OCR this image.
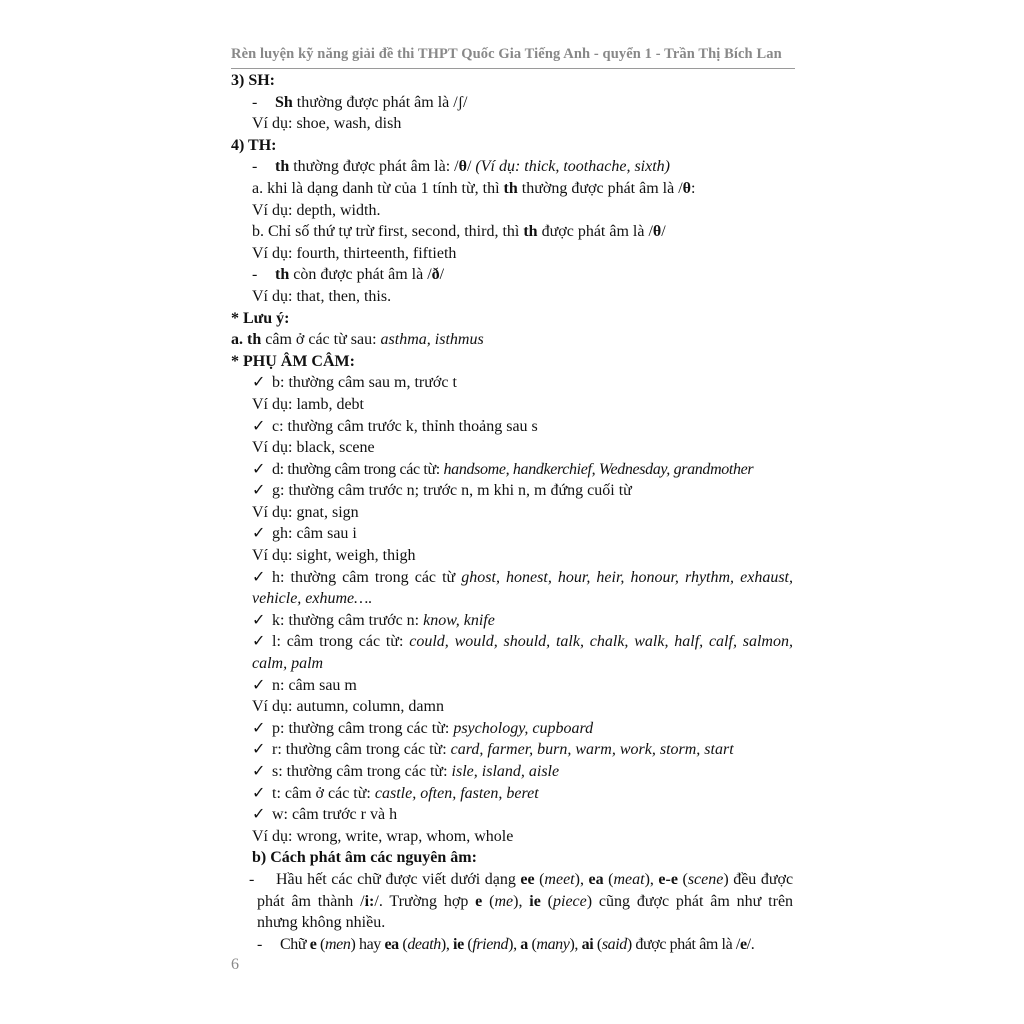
Rèn luyện kỹ năng giải đề thi THPT Quốc Gia Tiếng Anh - quyển 1 - Trần Thị Bích Lan
3) SH:
- Sh thường được phát âm là /ʃ/
Ví dụ: shoe, wash, dish
4) TH:
- th thường được phát âm là: /θ/ (Ví dụ: thick, toothache, sixth)
a. khi là dạng danh từ của 1 tính từ, thì th thường được phát âm là /θ:
Ví dụ: depth, width.
b. Chỉ số thứ tự trừ first, second, third, thì th được phát âm là /θ/
Ví dụ: fourth, thirteenth, fiftieth
- th còn được phát âm là /ð/
Ví dụ: that, then, this.
* Lưu ý:
a. th câm ở các từ sau: asthma, isthmus
* PHỤ ÂM CÂM:
✓ b: thường câm sau m, trước t
Ví dụ: lamb, debt
✓ c: thường câm trước k, thỉnh thoảng sau s
Ví dụ: black, scene
✓ d: thường câm trong các từ: handsome, handkerchief, Wednesday, grandmother
✓ g: thường câm trước n; trước n, m khi n, m đứng cuối từ
Ví dụ: gnat, sign
✓ gh: câm sau i
Ví dụ: sight, weigh, thigh
✓ h: thường câm trong các từ ghost, honest, hour, heir, honour, rhythm, exhaust, vehicle, exhume….
✓ k: thường câm trước n: know, knife
✓ l: câm trong các từ: could, would, should, talk, chalk, walk, half, calf, salmon, calm, palm
✓ n: câm sau m
Ví dụ: autumn, column, damn
✓ p: thường câm trong các từ: psychology, cupboard
✓ r: thường câm trong các từ: card, farmer, burn, warm, work, storm, start
✓ s: thường câm trong các từ: isle, island, aisle
✓ t: câm ở các từ: castle, often, fasten, beret
✓ w: câm trước r và h
Ví dụ: wrong, write, wrap, whom, whole
b) Cách phát âm các nguyên âm:
- Hầu hết các chữ được viết dưới dạng ee (meet), ea (meat), e-e (scene) đều được phát âm thành /i:/. Trường hợp e (me), ie (piece) cũng được phát âm như trên nhưng không nhiều.
- Chữ e (men) hay ea (death), ie (friend), a (many), ai (said) được phát âm là /e/.
6
